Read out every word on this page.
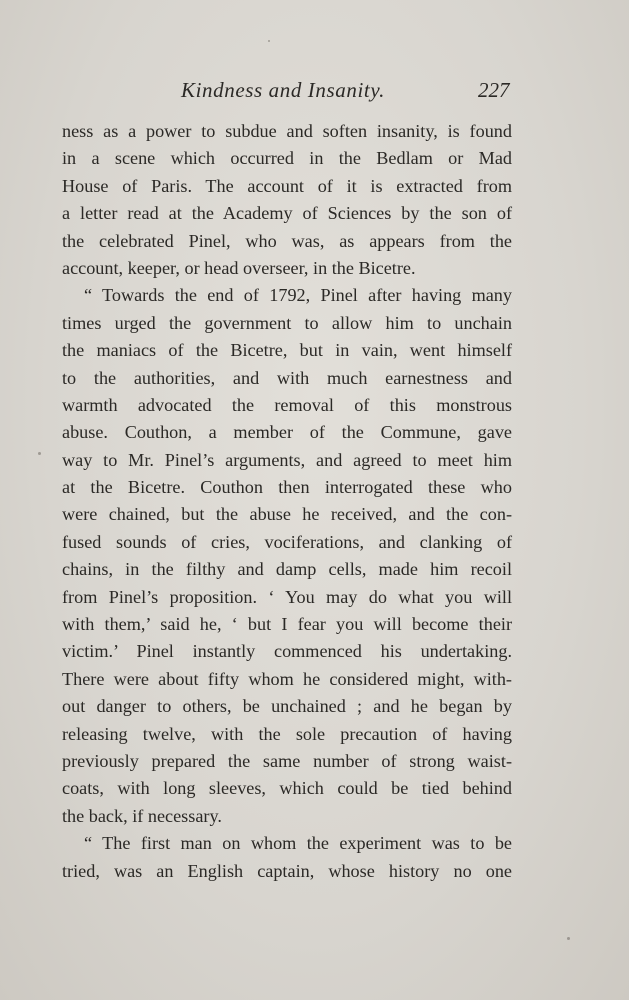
Kindness and Insanity.	227
ness as a power to subdue and soften insanity, is found
in a scene which occurred in the Bedlam or Mad
House of Paris. The account of it is extracted from
a letter read at the Academy of Sciences by the son of
the celebrated Pinel, who was, as appears from the
account, keeper, or head overseer, in the Bicetre.
“ Towards the end of 1792, Pinel after having many
times urged the government to allow him to unchain
the maniacs of the Bicetre, but in vain, went himself
to the authorities, and with much earnestness and
warmth advocated the removal of this monstrous
abuse. Couthon, a member of the Commune, gave
way to Mr. Pinel’s arguments, and agreed to meet him
at the Bicetre. Couthon then interrogated these who
were chained, but the abuse he received, and the con-
fused sounds of cries, vociferations, and clanking of
chains, in the filthy and damp cells, made him recoil
from Pinel’s proposition. ‘ You may do what you will
with them,’ said he, ‘ but I fear you will become their
victim.’ Pinel instantly commenced his undertaking.
There were about fifty whom he considered might, with-
out danger to others, be unchained ; and he began by
releasing twelve, with the sole precaution of having
previously prepared the same number of strong waist-
coats, with long sleeves, which could be tied behind
the back, if necessary.
“ The first man on whom the experiment was to be
tried, was an English captain, whose history no one
